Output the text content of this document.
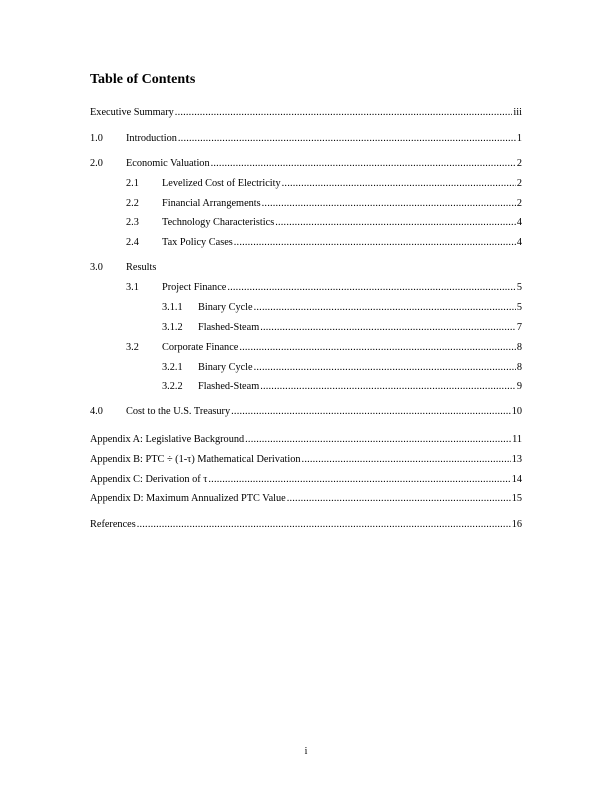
Table of Contents
Executive Summary .....	iii
1.0	Introduction .....	1
2.0	Economic Valuation .....	2
2.1	Levelized Cost of Electricity .....	2
2.2	Financial Arrangements .....	2
2.3	Technology Characteristics .....	4
2.4	Tax Policy Cases .....	4
3.0	Results
3.1	Project Finance .....	5
3.1.1	Binary Cycle .....	5
3.1.2	Flashed-Steam .....	7
3.2	Corporate Finance .....	8
3.2.1	Binary Cycle .....	8
3.2.2	Flashed-Steam .....	9
4.0	Cost to the U.S. Treasury .....	10
Appendix A: Legislative Background .....	11
Appendix B: PTC ÷ (1-τ) Mathematical Derivation .....	13
Appendix C: Derivation of τ .....	14
Appendix D: Maximum Annualized PTC Value .....	15
References .....	16
i
